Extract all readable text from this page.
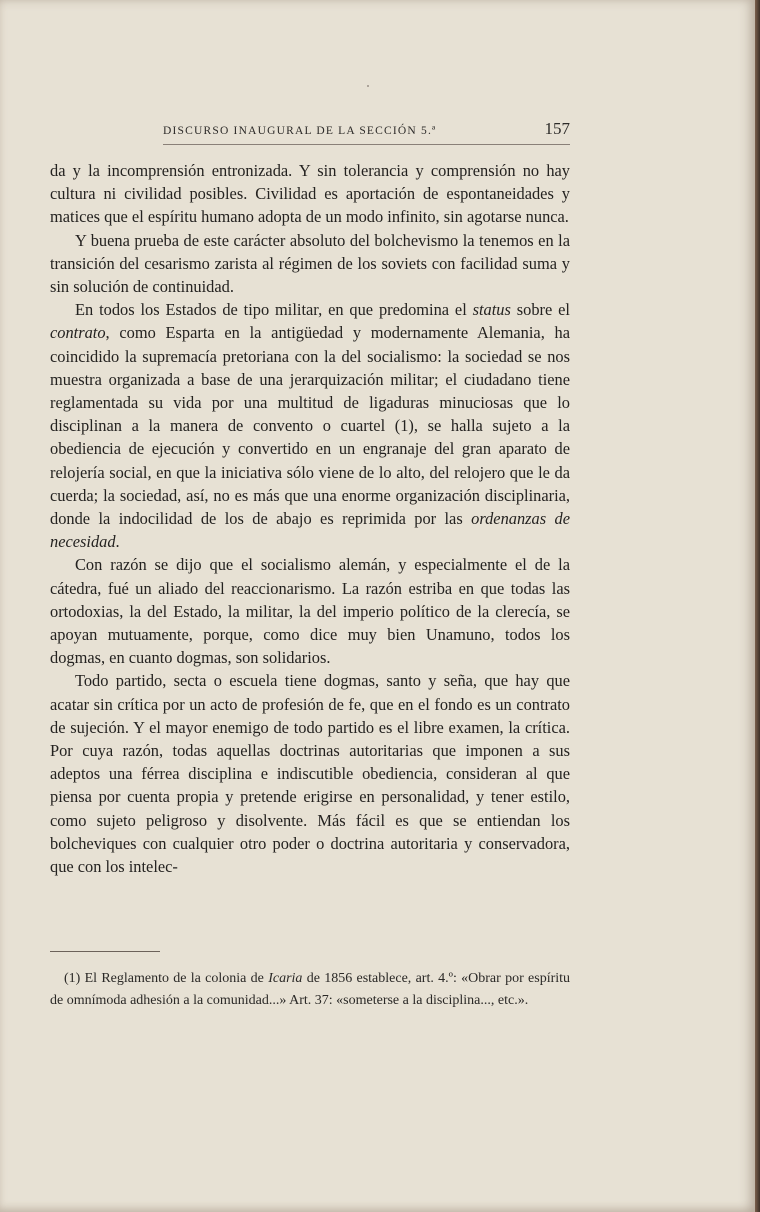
DISCURSO INAUGURAL DE LA SECCIÓN 5.ª	157

da y la incomprensión entronizada. Y sin tolerancia y comprensión no hay cultura ni civilidad posibles. Civilidad es aportación de espontaneidades y matices que el espíritu humano adopta de un modo infinito, sin agotarse nunca.

Y buena prueba de este carácter absoluto del bolchevismo la tenemos en la transición del cesarismo zarista al régimen de los soviets con facilidad suma y sin solución de continuidad.

En todos los Estados de tipo militar, en que predomina el status sobre el contrato, como Esparta en la antigüedad y modernamente Alemania, ha coincidido la supremacía pretoriana con la del socialismo: la sociedad se nos muestra organizada a base de una jerarquización militar; el ciudadano tiene reglamentada su vida por una multitud de ligaduras minuciosas que lo disciplinan a la manera de convento o cuartel (1), se halla sujeto a la obediencia de ejecución y convertido en un engranaje del gran aparato de relojería social, en que la iniciativa sólo viene de lo alto, del relojero que le da cuerda; la sociedad, así, no es más que una enorme organización disciplinaria, donde la indocilidad de los de abajo es reprimida por las ordenanzas de necesidad.

Con razón se dijo que el socialismo alemán, y especialmente el de la cátedra, fué un aliado del reaccionarismo. La razón estriba en que todas las ortodoxias, la del Estado, la militar, la del imperio político de la clerecía, se apoyan mutuamente, porque, como dice muy bien Unamuno, todos los dogmas, en cuanto dogmas, son solidarios.

Todo partido, secta o escuela tiene dogmas, santo y seña, que hay que acatar sin crítica por un acto de profesión de fe, que en el fondo es un contrato de sujeción. Y el mayor enemigo de todo partido es el libre examen, la crítica. Por cuya razón, todas aquellas doctrinas autoritarias que imponen a sus adeptos una férrea disciplina e indiscutible obediencia, consideran al que piensa por cuenta propia y pretende erigirse en personalidad, y tener estilo, como sujeto peligroso y disolvente. Más fácil es que se entiendan los bolcheviques con cualquier otro poder o doctrina autoritaria y conservadora, que con los intelec-

(1) El Reglamento de la colonia de Icaria de 1856 establece, art. 4.º: «Obrar por espíritu de omnímoda adhesión a la comunidad...» Art. 37: «someterse a la disciplina..., etc.».
